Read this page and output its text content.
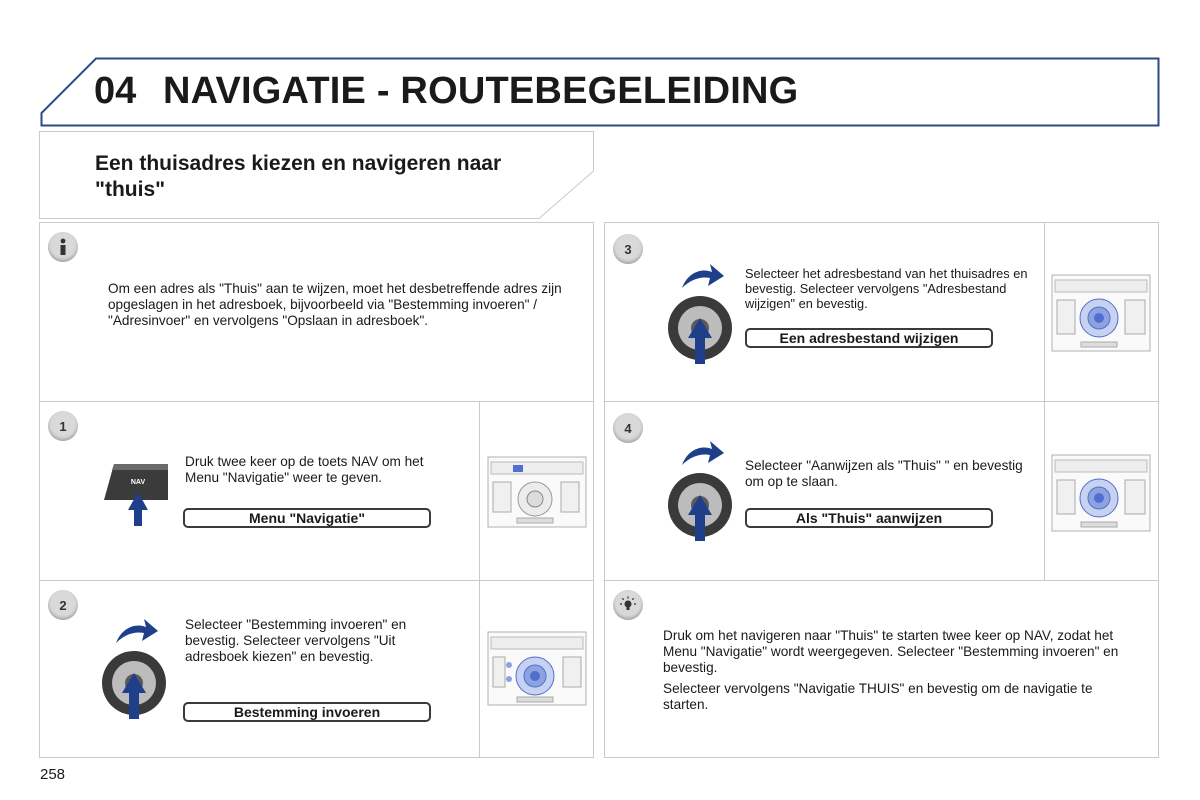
04 NAVIGATIE - ROUTEBEGELEIDING
Een thuisadres kiezen en navigeren naar "thuis"
Om een adres als "Thuis" aan te wijzen, moet het desbetreffende adres zijn opgeslagen in het adresboek, bijvoorbeeld via "Bestemming invoeren" / "Adresinvoer" en vervolgens "Opslaan in adresboek".
1
NAV
Druk twee keer op de toets NAV om het Menu "Navigatie" weer te geven.
Menu "Navigatie"
2
Selecteer "Bestemming invoeren" en bevestig. Selecteer vervolgens "Uit adresboek kiezen" en bevestig.
Bestemming invoeren
3
Selecteer het adresbestand van het thuisadres en bevestig. Selecteer vervolgens "Adresbestand wijzigen" en bevestig.
Een adresbestand wijzigen
4
Selecteer "Aanwijzen als "Thuis" " en bevestig om op te slaan.
Als "Thuis" aanwijzen
Druk om het navigeren naar "Thuis" te starten twee keer op NAV, zodat het Menu "Navigatie" wordt weergegeven. Selecteer "Bestemming invoeren" en bevestig.
Selecteer vervolgens "Navigatie THUIS" en bevestig om de navigatie te starten.
258
